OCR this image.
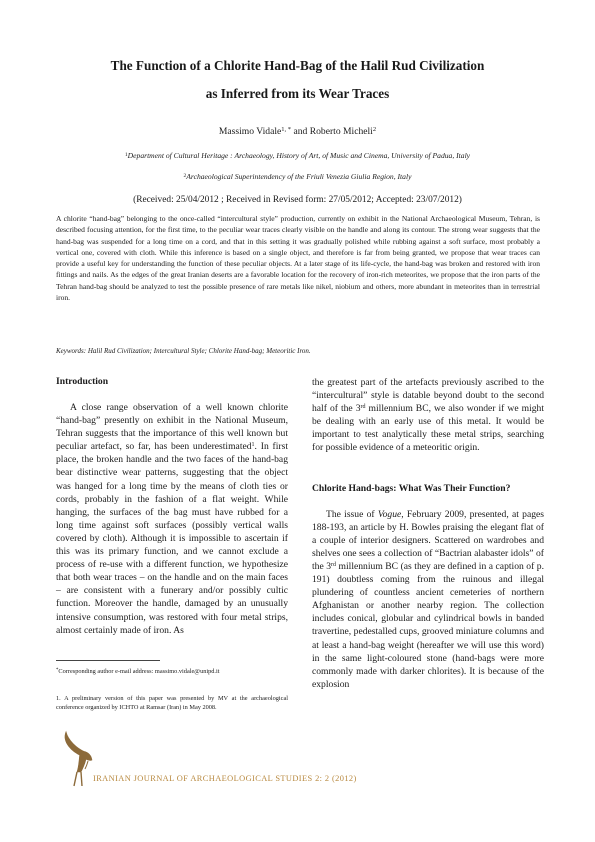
The Function of a Chlorite Hand-Bag of the Halil Rud Civilization
as Inferred from its Wear Traces
Massimo Vidale$^{1, *}$ and Roberto Micheli$^2$
$^1$Department of Cultural Heritage : Archaeology, History of Art, of Music and Cinema, University of Padua, Italy
$^2$Archaeological Superintendency of the Friuli Venezia Giulia Region, Italy
(Received: 25/04/2012 ; Received in Revised form: 27/05/2012; Accepted: 23/07/2012)

A chlorite “hand-bag” belonging to the once-called “intercultural style” production, currently on exhibit in the National Archaeological Museum, Tehran, is described focusing attention, for the first time, to the peculiar wear traces clearly visible on the handle and along its contour. The strong wear suggests that the hand-bag was suspended for a long time on a cord, and that in this setting it was gradually polished while rubbing against a soft surface, most probably a vertical one, covered with cloth. While this inference is based on a single object, and therefore is far from being granted, we propose that wear traces can provide a useful key for understanding the function of these peculiar objects. At a later stage of its life-cycle, the hand-bag was broken and restored with iron fittings and nails. As the edges of the great Iranian deserts are a favorable location for the recovery of iron-rich meteorites, we propose that the iron parts of the Tehran hand-bag should be analyzed to test the possible presence of rare metals like nikel, niobium and others, more abundant in meteorites than in terrestrial iron.

Keywords: Halil Rud Civilization; Intercultural Style; Chlorite Hand-bag; Meteoritic Iron.
Introduction

A close range observation of a well known chlorite “hand-bag” presently on exhibit in the National Museum, Tehran suggests that the importance of this well known but peculiar artefact, so far, has been underestimated$^1$. In first place, the broken handle and the two faces of the hand-bag bear distinctive wear patterns, suggesting that the object was hanged for a long time by the means of cloth ties or cords, probably in the fashion of a flat weight. While hanging, the surfaces of the bag must have rubbed for a long time against soft surfaces (possibly vertical walls covered by cloth). Although it is impossible to ascertain if this was its primary function, and we cannot exclude a process of re-use with a different function, we hypothesize that both wear traces – on the handle and on the main faces – are consistent with a funerary and/or possibly cultic function. Moreover the handle, damaged by an unusually intensive consumption, was restored with four metal strips, almost certainly made of iron. As

the greatest part of the artefacts previously ascribed to the “intercultural” style is datable beyond doubt to the second half of the 3rd millennium BC, we also wonder if we might be dealing with an early use of this metal. It would be important to test analytically these metal strips, searching for possible evidence of a meteoritic origin.

Chlorite Hand-bags: What Was Their Function?

The issue of Vogue, February 2009, presented, at pages 188-193, an article by H. Bowles praising the elegant flat of a couple of interior designers. Scattered on wardrobes and shelves one sees a collection of “Bactrian alabaster idols” of the 3rd millennium BC (as they are defined in a caption of p. 191) doubtless coming from the ruinous and illegal plundering of countless ancient cemeteries of northern Afghanistan or another nearby region. The collection includes conical, globular and cylindrical bowls in banded travertine, pedestalled cups, grooved miniature columns and at least a hand-bag weight (hereafter we will use this word) in the same light-coloured stone (hand-bags were more commonly made with darker chlorites). It is because of the explosion

*Corresponding author e-mail address: massimo.vidale@unipd.it

1. A preliminary version of this paper was presented by MV at the archaeological conference organized by ICHTO at Ramsar (Iran) in May 2008.

IRANIAN JOURNAL OF ARCHAEOLOGICAL STUDIES 2: 2 (2012)
